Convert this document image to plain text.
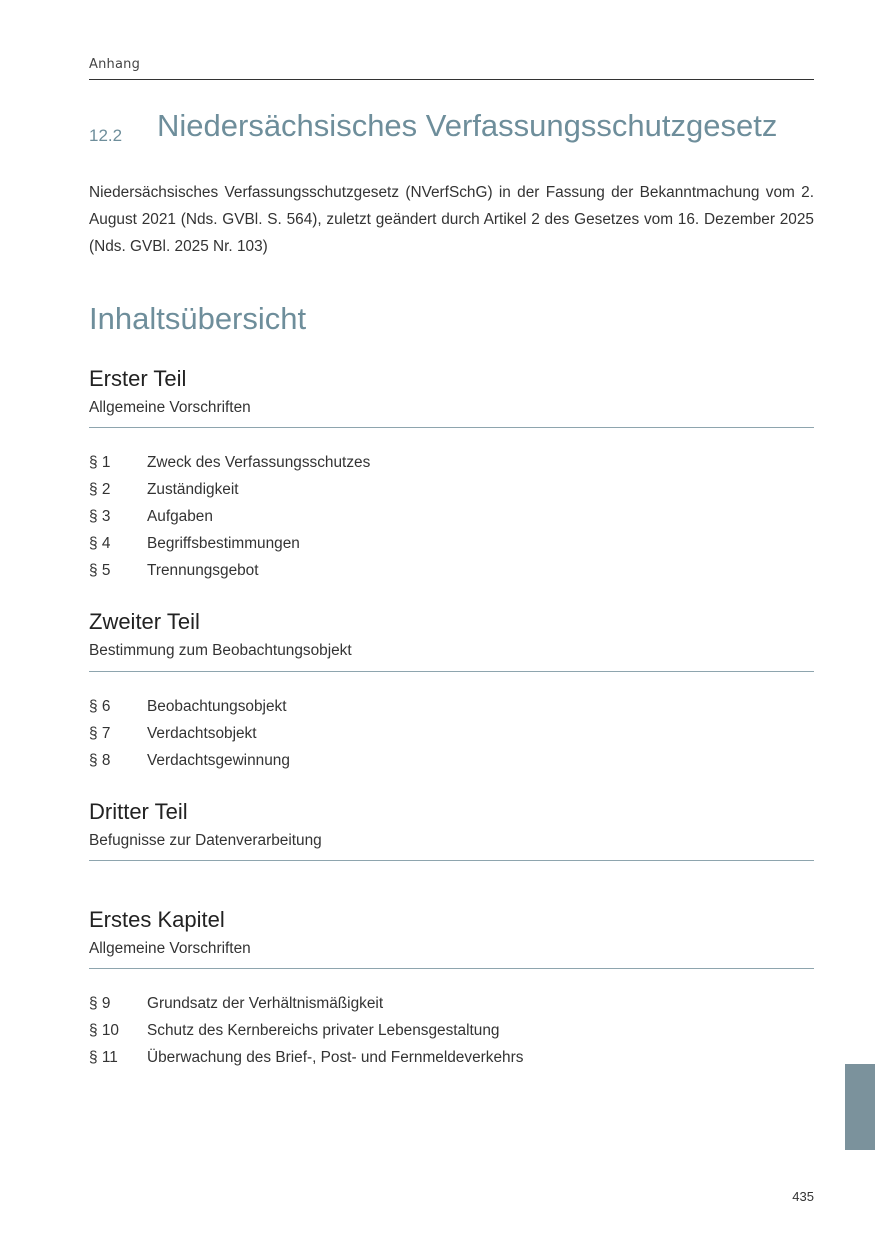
Anhang
12.2 Niedersächsisches Verfassungsschutzgesetz

Niedersächsisches Verfassungsschutzgesetz (NVerfSchG) in der Fassung der Bekanntmachung vom 2. August 2021 (Nds. GVBl. S. 564), zuletzt geändert durch Artikel 2 des Gesetzes vom 16. Dezember 2025 (Nds. GVBl. 2025 Nr. 103)

Inhaltsübersicht
Erster Teil
Allgemeine Vorschriften
§ 1	Zweck des Verfassungsschutzes
§ 2	Zuständigkeit
§ 3	Aufgaben
§ 4	Begriffsbestimmungen
§ 5	Trennungsgebot
Zweiter Teil
Bestimmung zum Beobachtungsobjekt
§ 6	Beobachtungsobjekt
§ 7	Verdachtsobjekt
§ 8	Verdachtsgewinnung
Dritter Teil
Befugnisse zur Datenverarbeitung
Erstes Kapitel
Allgemeine Vorschriften
§ 9	Grundsatz der Verhältnismäßigkeit
§ 10	Schutz des Kernbereichs privater Lebensgestaltung
§ 11	Überwachung des Brief-, Post- und Fernmeldeverkehrs
435
